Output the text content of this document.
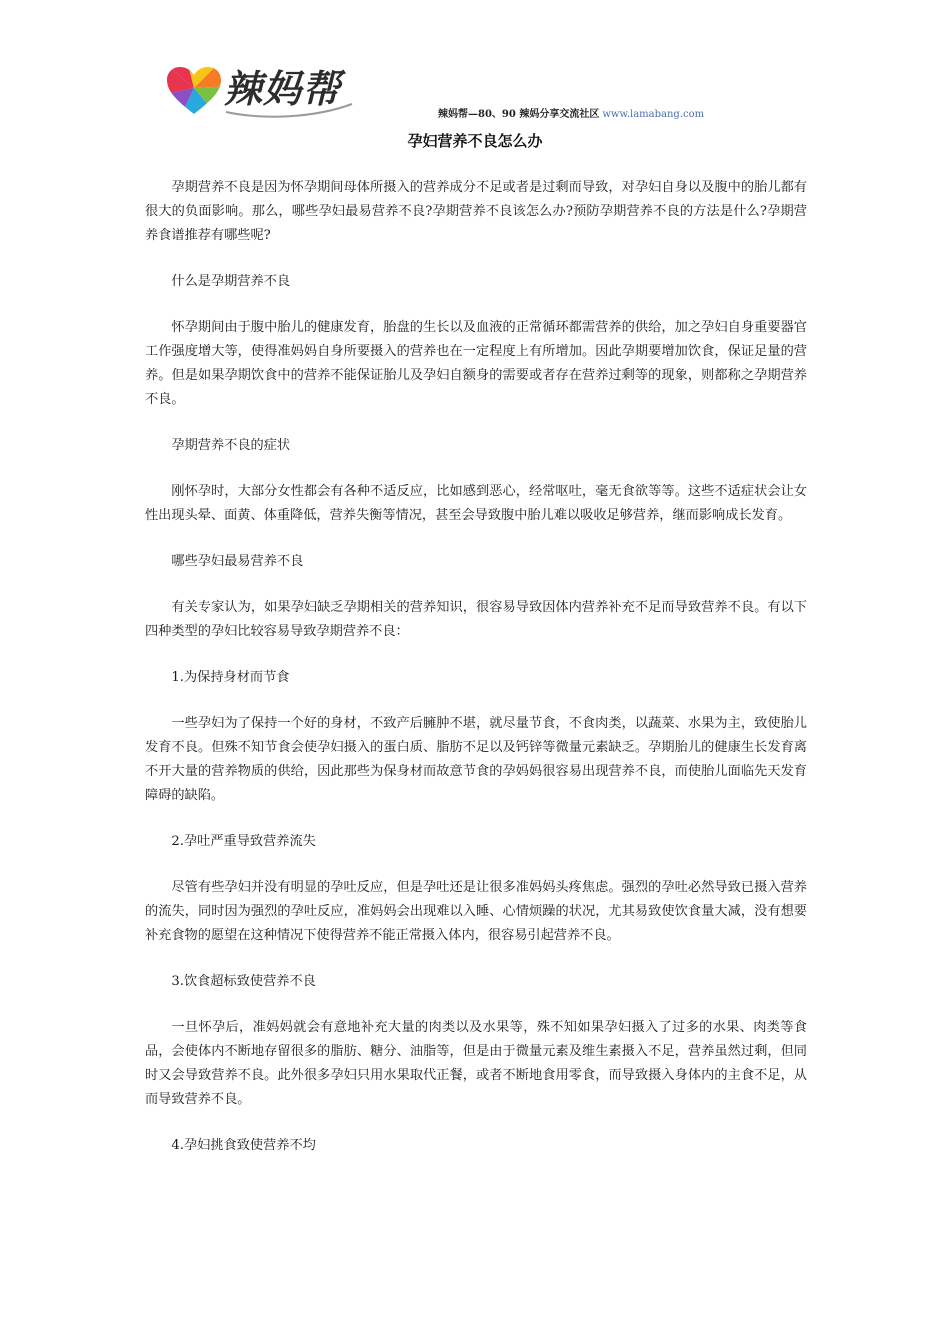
辣妈帮
辣妈帮—80、90 辣妈分享交流社区 www.lamabang.com
孕妇营养不良怎么办

孕期营养不良是因为怀孕期间母体所摄入的营养成分不足或者是过剩而导致，对孕妇自身以及腹中的胎儿都有很大的负面影响。那么，哪些孕妇最易营养不良?孕期营养不良该怎么办?预防孕期营养不良的方法是什么?孕期营养食谱推荐有哪些呢?

什么是孕期营养不良

怀孕期间由于腹中胎儿的健康发育，胎盘的生长以及血液的正常循环都需营养的供给，加之孕妇自身重要器官工作强度增大等，使得准妈妈自身所要摄入的营养也在一定程度上有所增加。因此孕期要增加饮食，保证足量的营养。但是如果孕期饮食中的营养不能保证胎儿及孕妇自额身的需要或者存在营养过剩等的现象，则都称之孕期营养不良。

孕期营养不良的症状

刚怀孕时，大部分女性都会有各种不适反应，比如感到恶心，经常呕吐，毫无食欲等等。这些不适症状会让女性出现头晕、面黄、体重降低，营养失衡等情况，甚至会导致腹中胎儿难以吸收足够营养，继而影响成长发育。

哪些孕妇最易营养不良

有关专家认为，如果孕妇缺乏孕期相关的营养知识，很容易导致因体内营养补充不足而导致营养不良。有以下四种类型的孕妇比较容易导致孕期营养不良：

1.为保持身材而节食

一些孕妇为了保持一个好的身材，不致产后臃肿不堪，就尽量节食，不食肉类，以蔬菜、水果为主，致使胎儿发育不良。但殊不知节食会使孕妇摄入的蛋白质、脂肪不足以及钙锌等微量元素缺乏。孕期胎儿的健康生长发育离不开大量的营养物质的供给，因此那些为保身材而故意节食的孕妈妈很容易出现营养不良，而使胎儿面临先天发育障碍的缺陷。

2.孕吐严重导致营养流失

尽管有些孕妇并没有明显的孕吐反应，但是孕吐还是让很多准妈妈头疼焦虑。强烈的孕吐必然导致已摄入营养的流失，同时因为强烈的孕吐反应，准妈妈会出现难以入睡、心情烦躁的状况，尤其易致使饮食量大减，没有想要补充食物的愿望在这种情况下使得营养不能正常摄入体内，很容易引起营养不良。

3.饮食超标致使营养不良

一旦怀孕后，准妈妈就会有意地补充大量的肉类以及水果等，殊不知如果孕妇摄入了过多的水果、肉类等食品，会使体内不断地存留很多的脂肪、糖分、油脂等，但是由于微量元素及维生素摄入不足，营养虽然过剩，但同时又会导致营养不良。此外很多孕妇只用水果取代正餐，或者不断地食用零食，而导致摄入身体内的主食不足，从而导致营养不良。

4.孕妇挑食致使营养不均
